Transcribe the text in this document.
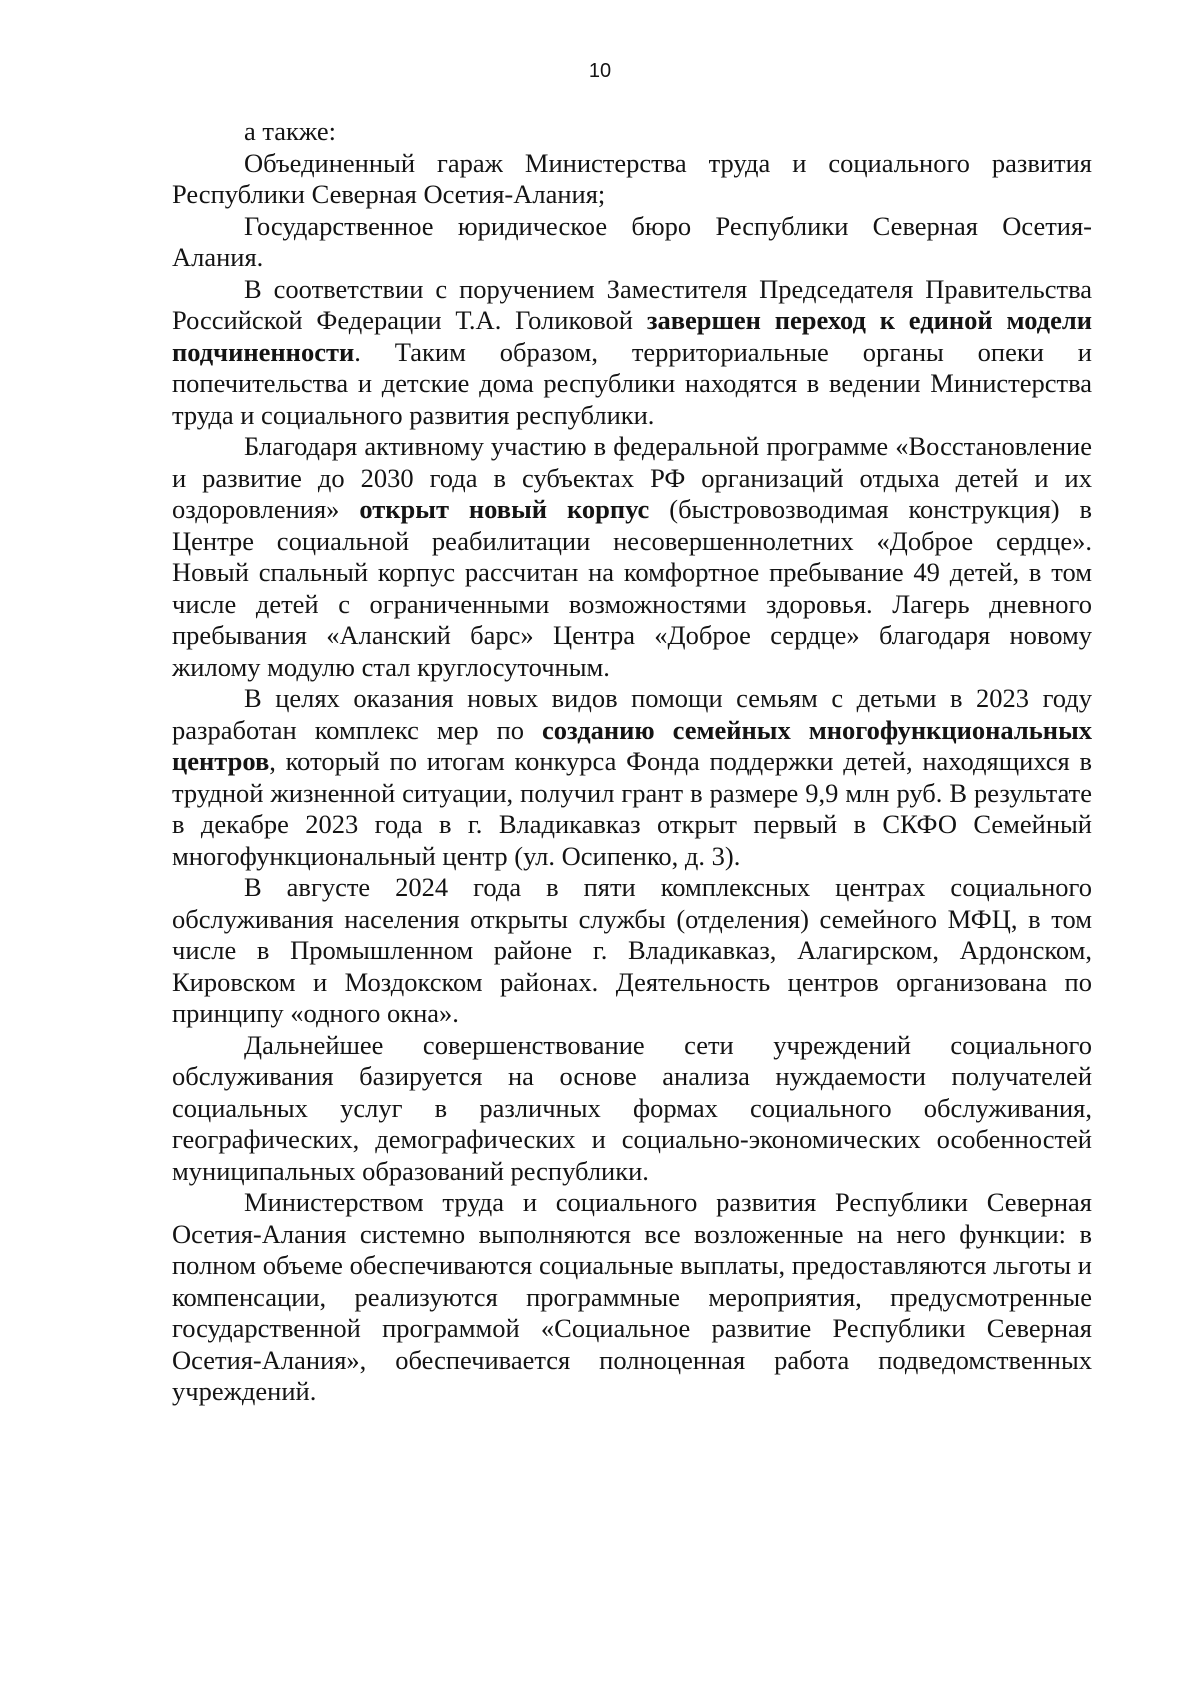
10

а также:

Объединенный гараж Министерства труда и социального развития Республики Северная Осетия-Алания;

Государственное юридическое бюро Республики Северная Осетия-Алания.

В соответствии с поручением Заместителя Председателя Правительства Российской Федерации Т.А. Голиковой завершен переход к единой модели подчиненности. Таким образом, территориальные органы опеки и попечительства и детские дома республики находятся в ведении Министерства труда и социального развития республики.

Благодаря активному участию в федеральной программе «Восстановление и развитие до 2030 года в субъектах РФ организаций отдыха детей и их оздоровления» открыт новый корпус (быстровозводимая конструкция) в Центре социальной реабилитации несовершеннолетних «Доброе сердце». Новый спальный корпус рассчитан на комфортное пребывание 49 детей, в том числе детей с ограниченными возможностями здоровья. Лагерь дневного пребывания «Аланский барс» Центра «Доброе сердце» благодаря новому жилому модулю стал круглосуточным.

В целях оказания новых видов помощи семьям с детьми в 2023 году разработан комплекс мер по созданию семейных многофункциональных центров, который по итогам конкурса Фонда поддержки детей, находящихся в трудной жизненной ситуации, получил грант в размере 9,9 млн руб. В результате в декабре 2023 года в г. Владикавказ открыт первый в СКФО Семейный многофункциональный центр (ул. Осипенко, д. 3).

В августе 2024 года в пяти комплексных центрах социального обслуживания населения открыты службы (отделения) семейного МФЦ, в том числе в Промышленном районе г. Владикавказ, Алагирском, Ардонском, Кировском и Моздокском районах. Деятельность центров организована по принципу «одного окна».

Дальнейшее совершенствование сети учреждений социального обслуживания базируется на основе анализа нуждаемости получателей социальных услуг в различных формах социального обслуживания, географических, демографических и социально-экономических особенностей муниципальных образований республики.

Министерством труда и социального развития Республики Северная Осетия-Алания системно выполняются все возложенные на него функции: в полном объеме обеспечиваются социальные выплаты, предоставляются льготы и компенсации, реализуются программные мероприятия, предусмотренные государственной программой «Социальное развитие Республики Северная Осетия-Алания», обеспечивается полноценная работа подведомственных учреждений.
